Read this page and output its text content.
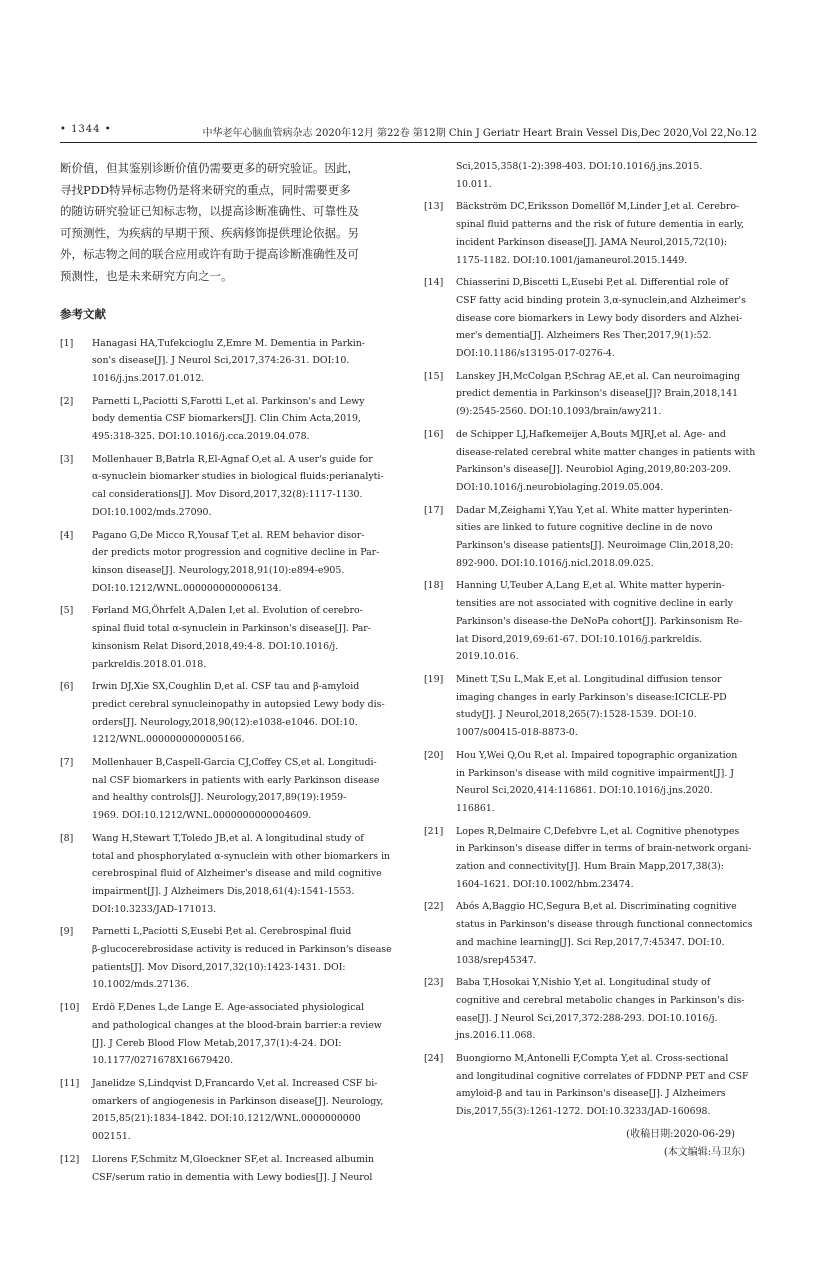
• 1344 •	中华老年心脑血管病杂志 2020年12月 第22卷 第12期 Chin J Geriatr Heart Brain Vessel Dis,Dec 2020,Vol 22,No.12

断价值，但其鉴别诊断价值仍需要更多的研究验证。因此，
寻找PDD特异标志物仍是将来研究的重点，同时需要更多
的随访研究验证已知标志物，以提高诊断准确性、可靠性及
可预测性，为疾病的早期干预、疾病修饰提供理论依据。另
外，标志物之间的联合应用或许有助于提高诊断准确性及可
预测性，也是未来研究方向之一。

参考文献
[1]	Hanagasi HA,Tufekcioglu Z,Emre M. Dementia in Parkin-
son's disease[J]. J Neurol Sci,2017,374:26-31. DOI:10.
1016/j.jns.2017.01.012.
[2]	Parnetti L,Paciotti S,Farotti L,et al. Parkinson's and Lewy
body dementia CSF biomarkers[J]. Clin Chim Acta,2019,
495:318-325. DOI:10.1016/j.cca.2019.04.078.
[3]	Mollenhauer B,Batrla R,El-Agnaf O,et al. A user's guide for
α-synuclein biomarker studies in biological fluids:perianalyti-
cal considerations[J]. Mov Disord,2017,32(8):1117-1130.
DOI:10.1002/mds.27090.
[4]	Pagano G,De Micco R,Yousaf T,et al. REM behavior disor-
der predicts motor progression and cognitive decline in Par-
kinson disease[J]. Neurology,2018,91(10):e894-e905.
DOI:10.1212/WNL.0000000000006134.
[5]	Førland MG,Öhrfelt A,Dalen I,et al. Evolution of cerebro-
spinal fluid total α-synuclein in Parkinson's disease[J]. Par-
kinsonism Relat Disord,2018,49:4-8. DOI:10.1016/j.
parkreldis.2018.01.018.
[6]	Irwin DJ,Xie SX,Coughlin D,et al. CSF tau and β-amyloid
predict cerebral synucleinopathy in autopsied Lewy body dis-
orders[J]. Neurology,2018,90(12):e1038-e1046. DOI:10.
1212/WNL.0000000000005166.
[7]	Mollenhauer B,Caspell-Garcia CJ,Coffey CS,et al. Longitudi-
nal CSF biomarkers in patients with early Parkinson disease
and healthy controls[J]. Neurology,2017,89(19):1959-
1969. DOI:10.1212/WNL.0000000000004609.
[8]	Wang H,Stewart T,Toledo JB,et al. A longitudinal study of
total and phosphorylated α-synuclein with other biomarkers in
cerebrospinal fluid of Alzheimer's disease and mild cognitive
impairment[J]. J Alzheimers Dis,2018,61(4):1541-1553.
DOI:10.3233/JAD-171013.
[9]	Parnetti L,Paciotti S,Eusebi P,et al. Cerebrospinal fluid
β-glucocerebrosidase activity is reduced in Parkinson's disease
patients[J]. Mov Disord,2017,32(10):1423-1431. DOI:
10.1002/mds.27136.
[10]	Erdö F,Denes L,de Lange E. Age-associated physiological
and pathological changes at the blood-brain barrier:a review
[J]. J Cereb Blood Flow Metab,2017,37(1):4-24. DOI:
10.1177/0271678X16679420.
[11]	Janelidze S,Lindqvist D,Francardo V,et al. Increased CSF bi-
omarkers of angiogenesis in Parkinson disease[J]. Neurology,
2015,85(21):1834-1842. DOI:10.1212/WNL.0000000000
002151.
[12]	Llorens F,Schmitz M,Gloeckner SF,et al. Increased albumin
CSF/serum ratio in dementia with Lewy bodies[J]. J Neurol
Sci,2015,358(1-2):398-403. DOI:10.1016/j.jns.2015.
10.011.
[13]	Bäckström DC,Eriksson Domellöf M,Linder J,et al. Cerebro-
spinal fluid patterns and the risk of future dementia in early,
incident Parkinson disease[J]. JAMA Neurol,2015,72(10):
1175-1182. DOI:10.1001/jamaneurol.2015.1449.
[14]	Chiasserini D,Biscetti L,Eusebi P,et al. Differential role of
CSF fatty acid binding protein 3,α-synuclein,and Alzheimer's
disease core biomarkers in Lewy body disorders and Alzhei-
mer's dementia[J]. Alzheimers Res Ther,2017,9(1):52.
DOI:10.1186/s13195-017-0276-4.
[15]	Lanskey JH,McColgan P,Schrag AE,et al. Can neuroimaging
predict dementia in Parkinson's disease[J]? Brain,2018,141
(9):2545-2560. DOI:10.1093/brain/awy211.
[16]	de Schipper LJ,Hafkemeijer A,Bouts MJRJ,et al. Age- and
disease-related cerebral white matter changes in patients with
Parkinson's disease[J]. Neurobiol Aging,2019,80:203-209.
DOI:10.1016/j.neurobiolaging.2019.05.004.
[17]	Dadar M,Zeighami Y,Yau Y,et al. White matter hyperinten-
sities are linked to future cognitive decline in de novo
Parkinson's disease patients[J]. Neuroimage Clin,2018,20:
892-900. DOI:10.1016/j.nicl.2018.09.025.
[18]	Hanning U,Teuber A,Lang E,et al. White matter hyperin-
tensities are not associated with cognitive decline in early
Parkinson's disease-the DeNoPa cohort[J]. Parkinsonism Re-
lat Disord,2019,69:61-67. DOI:10.1016/j.parkreldis.
2019.10.016.
[19]	Minett T,Su L,Mak E,et al. Longitudinal diffusion tensor
imaging changes in early Parkinson's disease:ICICLE-PD
study[J]. J Neurol,2018,265(7):1528-1539. DOI:10.
1007/s00415-018-8873-0.
[20]	Hou Y,Wei Q,Ou R,et al. Impaired topographic organization
in Parkinson's disease with mild cognitive impairment[J]. J
Neurol Sci,2020,414:116861. DOI:10.1016/j.jns.2020.
116861.
[21]	Lopes R,Delmaire C,Defebvre L,et al. Cognitive phenotypes
in Parkinson's disease differ in terms of brain-network organi-
zation and connectivity[J]. Hum Brain Mapp,2017,38(3):
1604-1621. DOI:10.1002/hbm.23474.
[22]	Abós A,Baggio HC,Segura B,et al. Discriminating cognitive
status in Parkinson's disease through functional connectomics
and machine learning[J]. Sci Rep,2017,7:45347. DOI:10.
1038/srep45347.
[23]	Baba T,Hosokai Y,Nishio Y,et al. Longitudinal study of
cognitive and cerebral metabolic changes in Parkinson's dis-
ease[J]. J Neurol Sci,2017,372:288-293. DOI:10.1016/j.
jns.2016.11.068.
[24]	Buongiorno M,Antonelli F,Compta Y,et al. Cross-sectional
and longitudinal cognitive correlates of FDDNP PET and CSF
amyloid-β and tau in Parkinson's disease[J]. J Alzheimers
Dis,2017,55(3):1261-1272. DOI:10.3233/JAD-160698.
(收稿日期:2020-06-29)
(本文编辑:马卫东)
